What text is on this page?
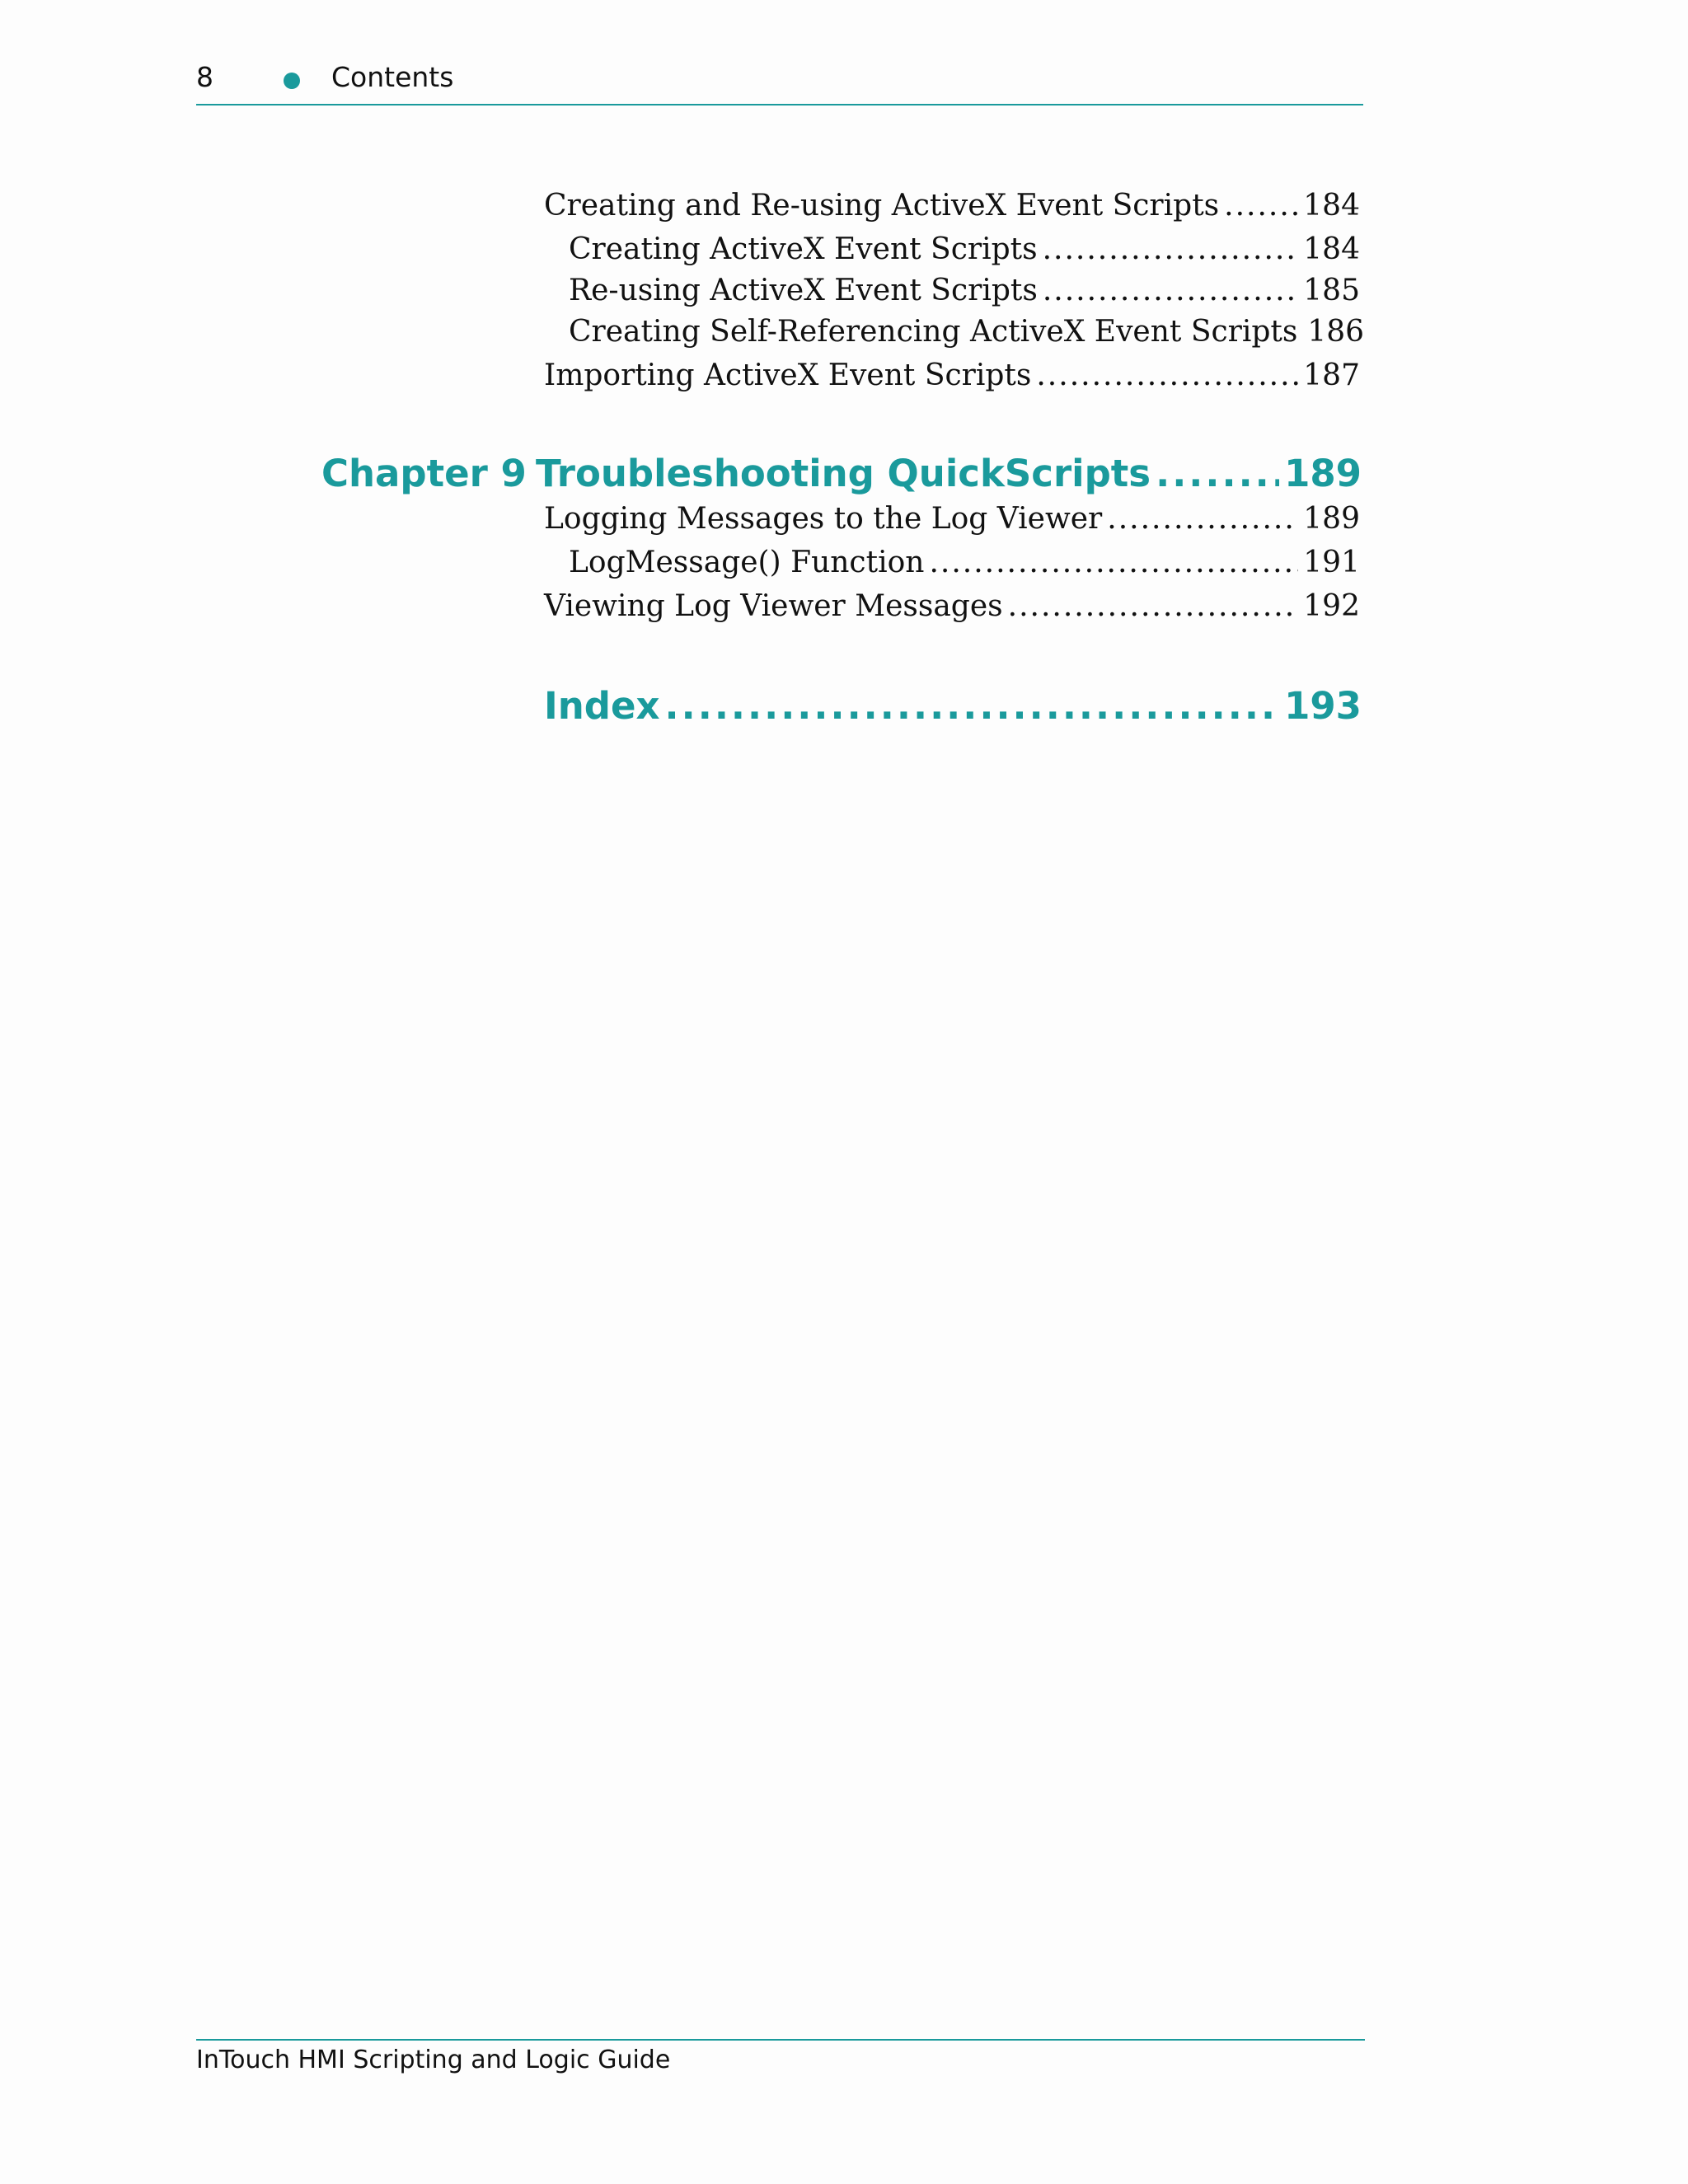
8	Contents
Creating and Re-using ActiveX Event Scripts .....	184
Creating ActiveX Event Scripts .....	184
Re-using ActiveX Event Scripts .....	185
Creating Self-Referencing ActiveX Event Scripts 186
Importing ActiveX Event Scripts .....	187
Chapter 9 Troubleshooting QuickScripts .....	189
Logging Messages to the Log Viewer .....	189
LogMessage() Function .....	191
Viewing Log Viewer Messages .....	192
Index .....	193
InTouch HMI Scripting and Logic Guide
